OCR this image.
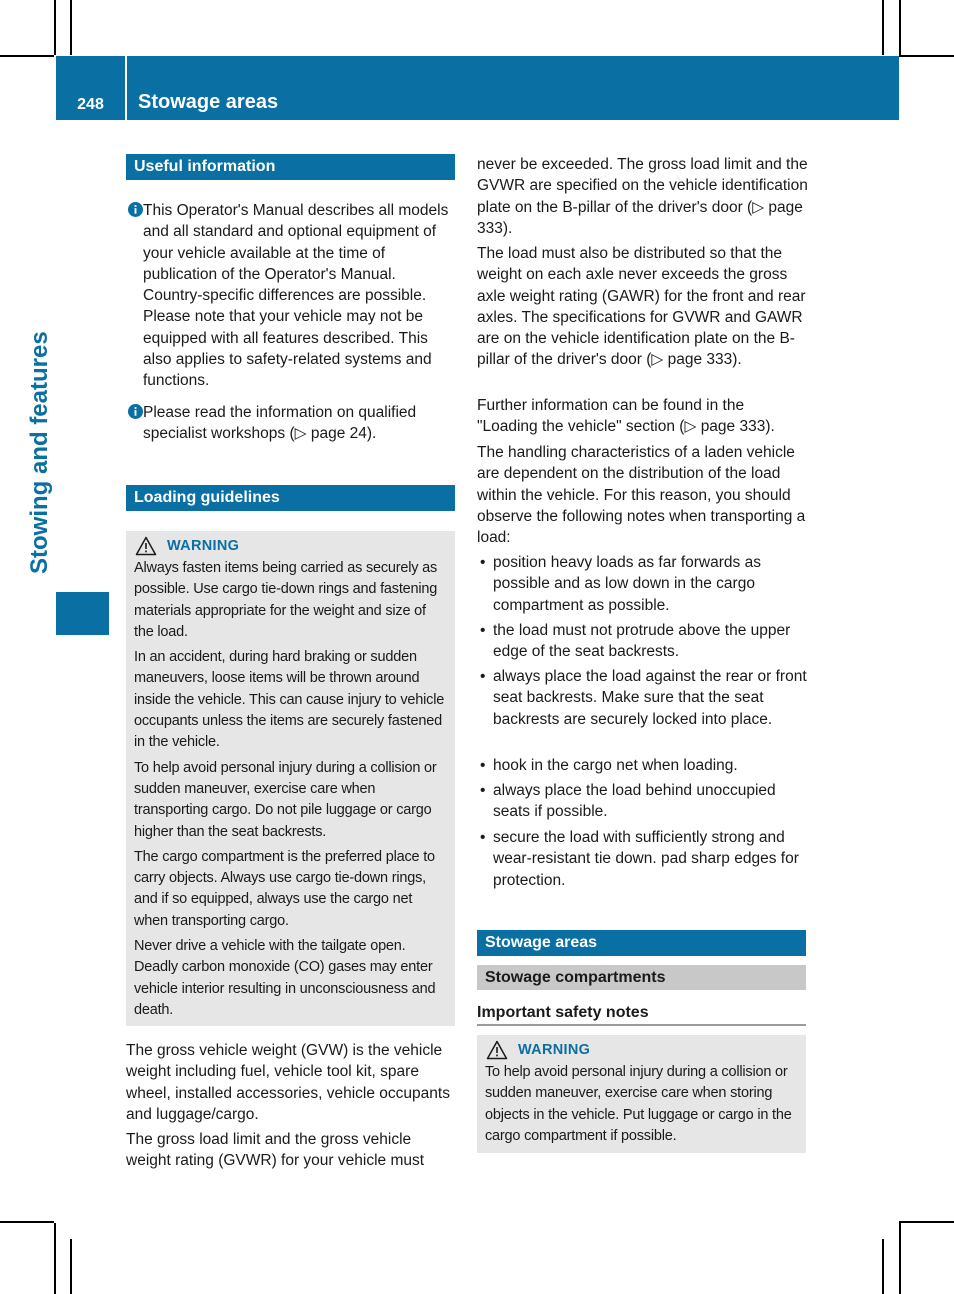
248	Stowage areas
Stowing and features
Useful information
This Operator's Manual describes all models and all standard and optional equipment of your vehicle available at the time of publication of the Operator's Manual. Country-specific differences are possible. Please note that your vehicle may not be equipped with all features described. This also applies to safety-related systems and functions.
Please read the information on qualified specialist workshops (▷ page 24).
Loading guidelines
WARNING

Always fasten items being carried as securely as possible. Use cargo tie-down rings and fastening materials appropriate for the weight and size of the load.

In an accident, during hard braking or sudden maneuvers, loose items will be thrown around inside the vehicle. This can cause injury to vehicle occupants unless the items are securely fastened in the vehicle.

To help avoid personal injury during a collision or sudden maneuver, exercise care when transporting cargo. Do not pile luggage or cargo higher than the seat backrests.

The cargo compartment is the preferred place to carry objects. Always use cargo tie-down rings, and if so equipped, always use the cargo net when transporting cargo.

Never drive a vehicle with the tailgate open. Deadly carbon monoxide (CO) gases may enter vehicle interior resulting in unconsciousness and death.

The gross vehicle weight (GVW) is the vehicle weight including fuel, vehicle tool kit, spare wheel, installed accessories, vehicle occupants and luggage/cargo.

The gross load limit and the gross vehicle weight rating (GVWR) for your vehicle must

never be exceeded. The gross load limit and the GVWR are specified on the vehicle identification plate on the B-pillar of the driver's door (▷ page 333).

The load must also be distributed so that the weight on each axle never exceeds the gross axle weight rating (GAWR) for the front and rear axles. The specifications for GVWR and GAWR are on the vehicle identification plate on the B-pillar of the driver's door (▷ page 333).

Further information can be found in the "Loading the vehicle" section (▷ page 333).

The handling characteristics of a laden vehicle are dependent on the distribution of the load within the vehicle. For this reason, you should observe the following notes when transporting a load:

• position heavy loads as far forwards as possible and as low down in the cargo compartment as possible.
• the load must not protrude above the upper edge of the seat backrests.
• always place the load against the rear or front seat backrests. Make sure that the seat backrests are securely locked into place.
• hook in the cargo net when loading.
• always place the load behind unoccupied seats if possible.
• secure the load with sufficiently strong and wear-resistant tie down. pad sharp edges for protection.
Stowage areas
Stowage compartments
Important safety notes
WARNING

To help avoid personal injury during a collision or sudden maneuver, exercise care when storing objects in the vehicle. Put luggage or cargo in the cargo compartment if possible.
